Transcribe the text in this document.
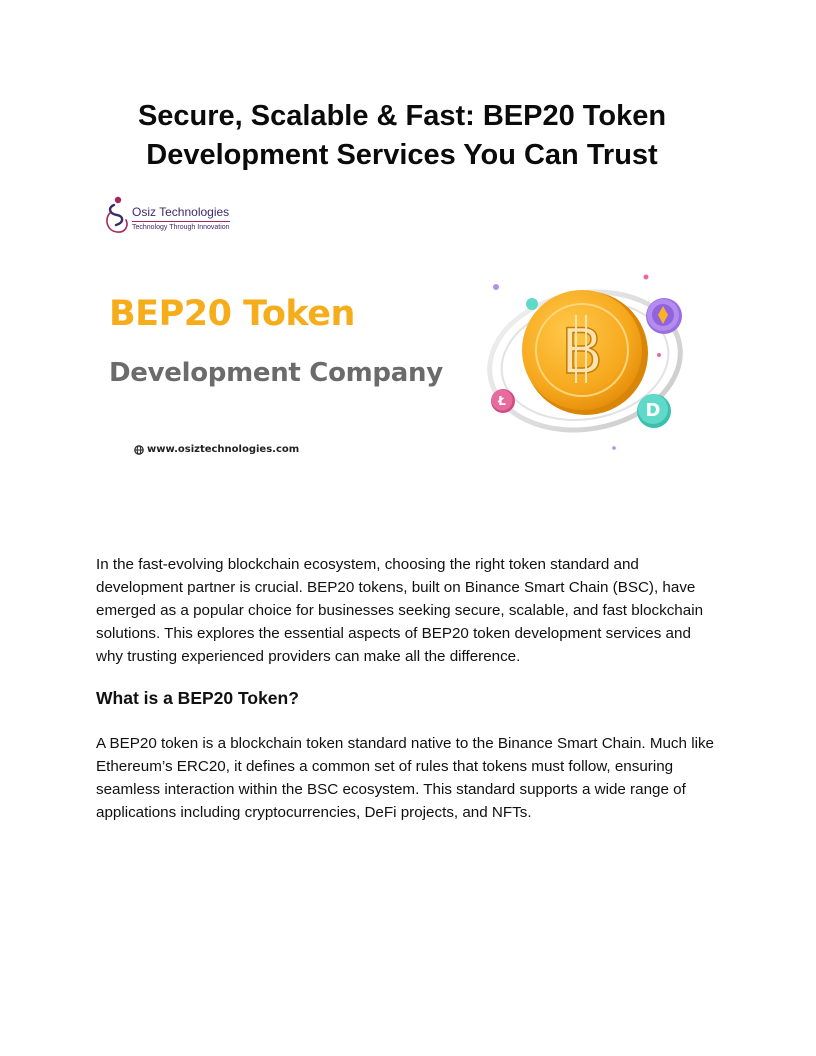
Secure, Scalable & Fast: BEP20 Token
Development Services You Can Trust
Osiz Technologies
Technology Through Innovation
BEP20 Token
Development Company
www.osiztechnologies.com
B
D
Ł

In the fast-evolving blockchain ecosystem, choosing the right token standard and development partner is crucial. BEP20 tokens, built on Binance Smart Chain (BSC), have emerged as a popular choice for businesses seeking secure, scalable, and fast blockchain solutions. This explores the essential aspects of BEP20 token development services and why trusting experienced providers can make all the difference.

What is a BEP20 Token?

A BEP20 token is a blockchain token standard native to the Binance Smart Chain. Much like Ethereum’s ERC20, it defines a common set of rules that tokens must follow, ensuring seamless interaction within the BSC ecosystem. This standard supports a wide range of applications including cryptocurrencies, DeFi projects, and NFTs.
